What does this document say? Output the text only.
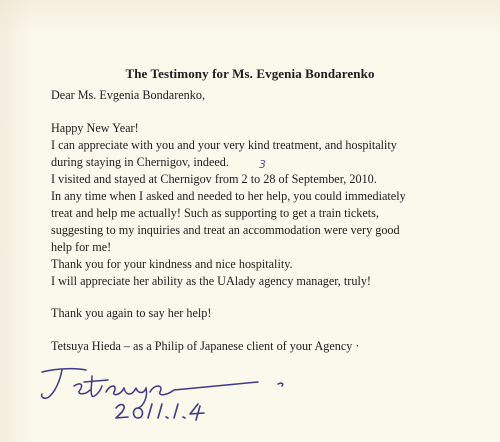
The Testimony for Ms. Evgenia Bondarenko
Dear Ms. Evgenia Bondarenko,
Happy New Year!
I can appreciate with you and your very kind treatment, and hospitality
during staying in Chernigov, indeed.
I visited and stayed at Chernigov from 2 to 28 of September, 2010.
In any time when I asked and needed to her help, you could immediately
treat and help me actually! Such as supporting to get a train tickets,
suggesting to my inquiries and treat an accommodation were very good
help for me!
Thank you for your kindness and nice hospitality.
I will appreciate her ability as the UAlady agency manager, truly!
Thank you again to say her help!
Tetsuya Hieda – as a Philip of Japanese client of your Agency ·
3
